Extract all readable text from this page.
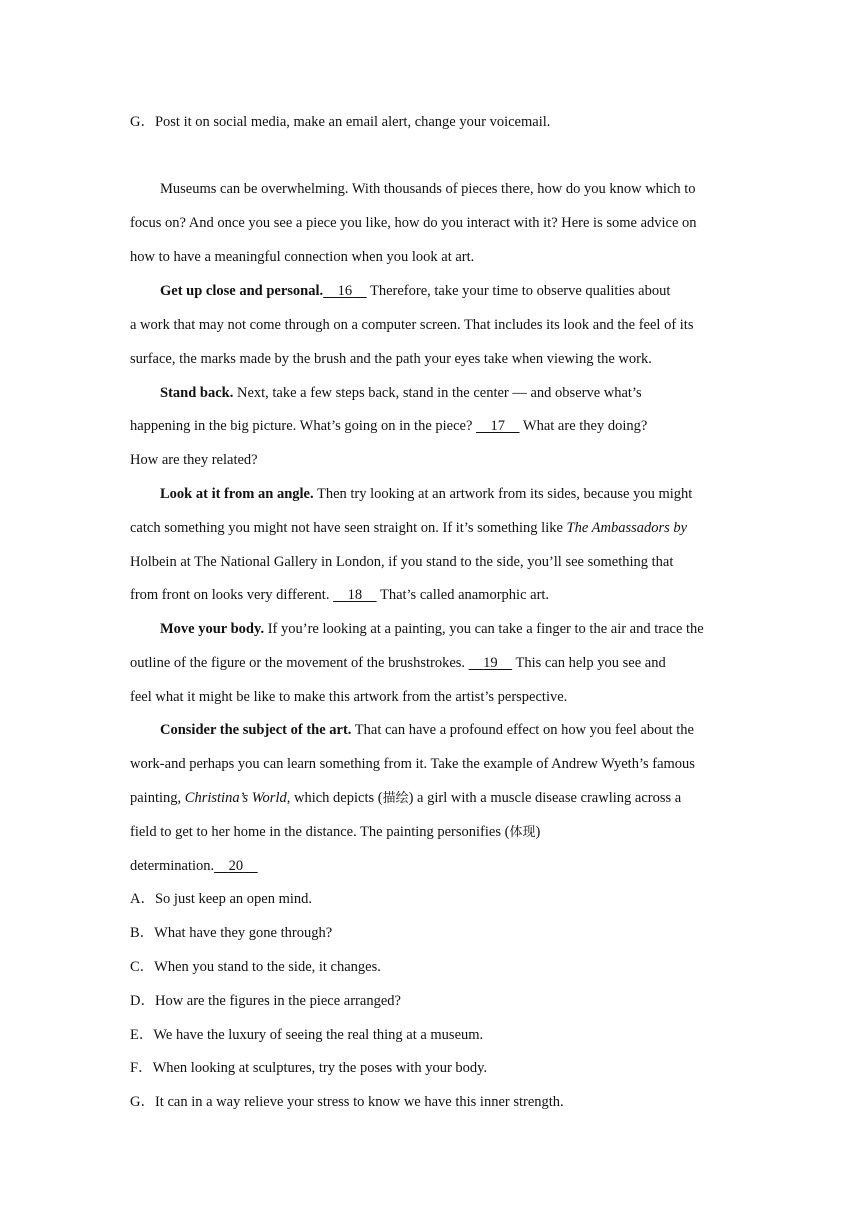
G．Post it on social media, make an email alert, change your voicemail.
Museums can be overwhelming. With thousands of pieces there, how do you know which to
focus on? And once you see a piece you like, how do you interact with it? Here is some advice on
how to have a meaningful connection when you look at art.
Get up close and personal. 16 Therefore, take your time to observe qualities about
a work that may not come through on a computer screen. That includes its look and the feel of its
surface, the marks made by the brush and the path your eyes take when viewing the work.
Stand back. Next, take a few steps back, stand in the center — and observe what’s
happening in the big picture. What’s going on in the piece? 17 What are they doing?
How are they related?
Look at it from an angle. Then try looking at an artwork from its sides, because you might
catch something you might not have seen straight on. If it’s something like The Ambassadors by
Holbein at The National Gallery in London, if you stand to the side, you’ll see something that
from front on looks very different. 18 That’s called anamorphic art.
Move your body. If you’re looking at a painting, you can take a finger to the air and trace the
outline of the figure or the movement of the brushstrokes. 19 This can help you see and
feel what it might be like to make this artwork from the artist’s perspective.
Consider the subject of the art. That can have a profound effect on how you feel about the
work-and perhaps you can learn something from it. Take the example of Andrew Wyeth’s famous
painting, Christina’s World, which depicts (描绘) a girl with a muscle disease crawling across a
field to get to her home in the distance. The painting personifies (体现)
determination. 20
A．So just keep an open mind.
B．What have they gone through?
C．When you stand to the side, it changes.
D．How are the figures in the piece arranged?
E．We have the luxury of seeing the real thing at a museum.
F．When looking at sculptures, try the poses with your body.
G．It can in a way relieve your stress to know we have this inner strength.
